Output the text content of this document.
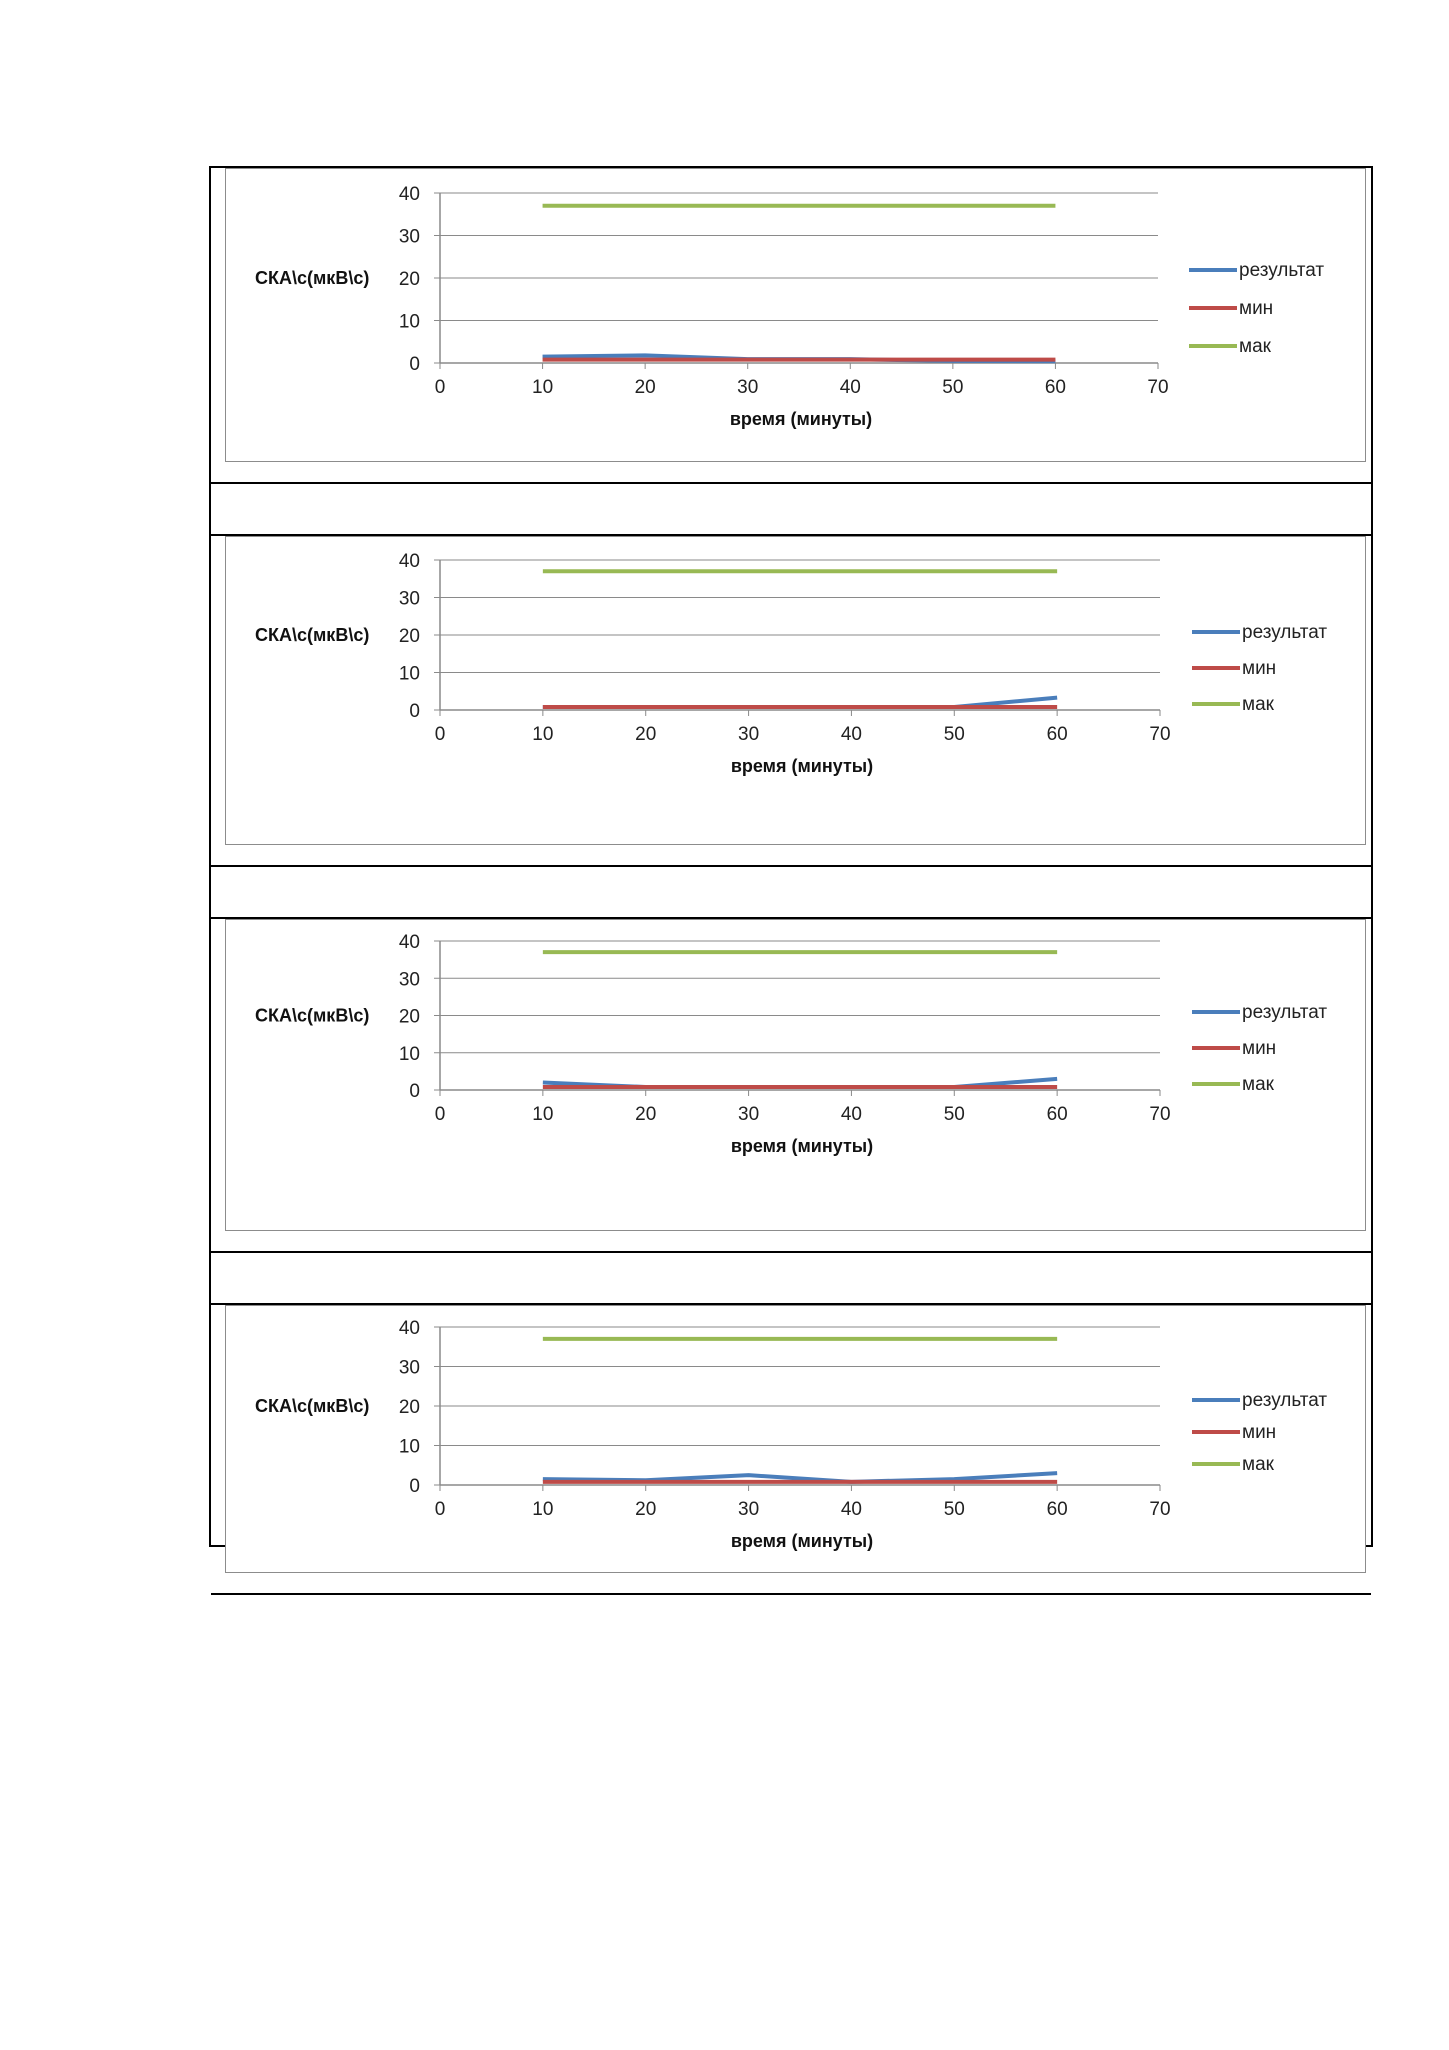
0
10
20
30
40
0	10	20	30	40	50	60	70
СКА\с(мкВ\с)
время (минуты)
результат
мин
мак
0
10
20
30
40
0	10	20	30	40	50	60	70
СКА\с(мкВ\с)
время (минуты)
результат
мин
мак
0
10
20
30
40
0	10	20	30	40	50	60	70
СКА\с(мкВ\с)
время (минуты)
результат
мин
мак
0
10
20
30
40
0	10	20	30	40	50	60	70
СКА\с(мкВ\с)
время (минуты)
результат
мин
мак
